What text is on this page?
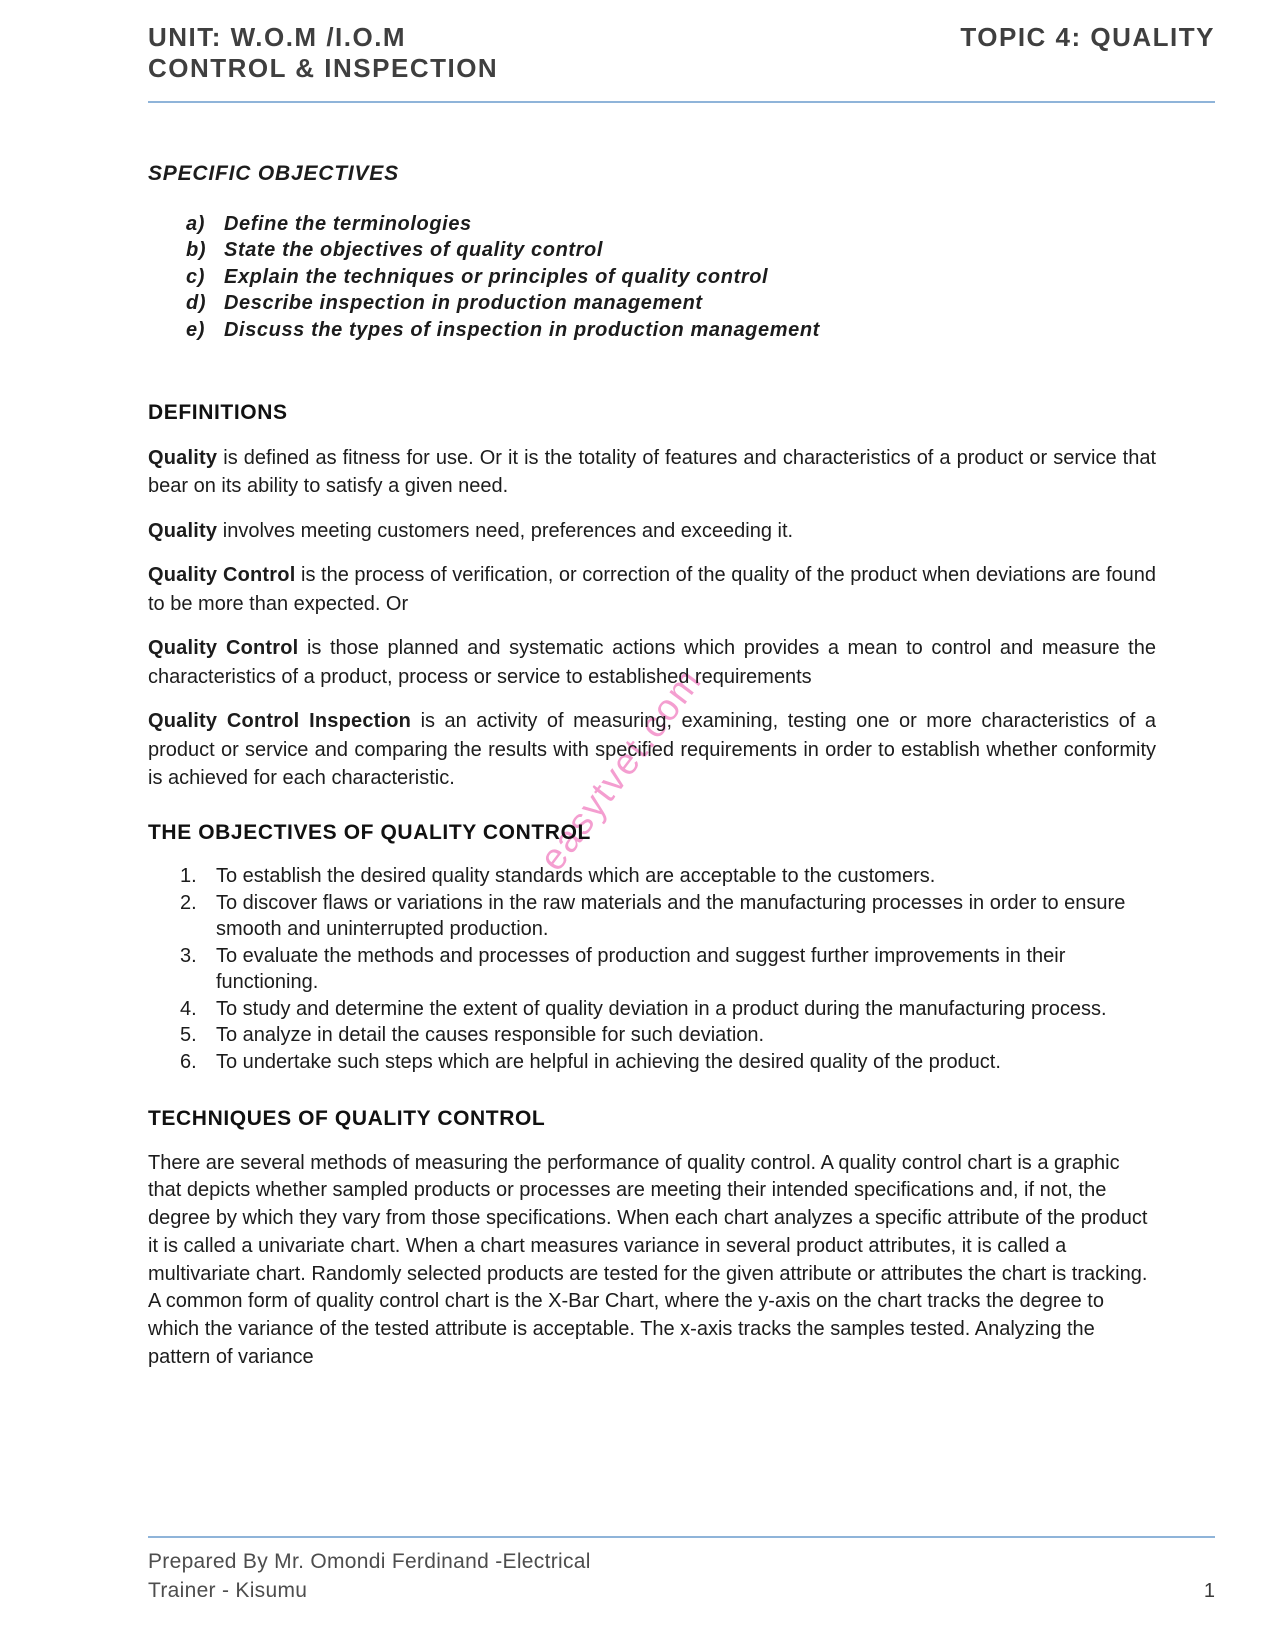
easytvet.com
UNIT: W.O.M /I.O.M	TOPIC 4: QUALITY
CONTROL & INSPECTION
SPECIFIC OBJECTIVES
a) Define the terminologies
b) State the objectives of quality control
c) Explain the techniques or principles of quality control
d) Describe inspection in production management
e) Discuss the types of inspection in production management
DEFINITIONS

Quality is defined as fitness for use. Or it is the totality of features and characteristics of a product or service that bear on its ability to satisfy a given need.

Quality involves meeting customers need, preferences and exceeding it.

Quality Control is the process of verification, or correction of the quality of the product when deviations are found to be more than expected. Or

Quality Control is those planned and systematic actions which provides a mean to control and measure the characteristics of a product, process or service to established requirements

Quality Control Inspection is an activity of measuring, examining, testing one or more characteristics of a product or service and comparing the results with specified requirements in order to establish whether conformity is achieved for each characteristic.

THE OBJECTIVES OF QUALITY CONTROL
1. To establish the desired quality standards which are acceptable to the customers.
2. To discover flaws or variations in the raw materials and the manufacturing processes in order to ensure smooth and uninterrupted production.
3. To evaluate the methods and processes of production and suggest further improvements in their functioning.
4. To study and determine the extent of quality deviation in a product during the manufacturing process.
5. To analyze in detail the causes responsible for such deviation.
6. To undertake such steps which are helpful in achieving the desired quality of the product.
TECHNIQUES OF QUALITY CONTROL

There are several methods of measuring the performance of quality control. A quality control chart is a graphic that depicts whether sampled products or processes are meeting their intended specifications and, if not, the degree by which they vary from those specifications. When each chart analyzes a specific attribute of the product it is called a univariate chart. When a chart measures variance in several product attributes, it is called a multivariate chart. Randomly selected products are tested for the given attribute or attributes the chart is tracking. A common form of quality control chart is the X-Bar Chart, where the y-axis on the chart tracks the degree to which the variance of the tested attribute is acceptable. The x-axis tracks the samples tested. Analyzing the pattern of variance

Prepared By Mr. Omondi Ferdinand -Electrical
Trainer - Kisumu	1
